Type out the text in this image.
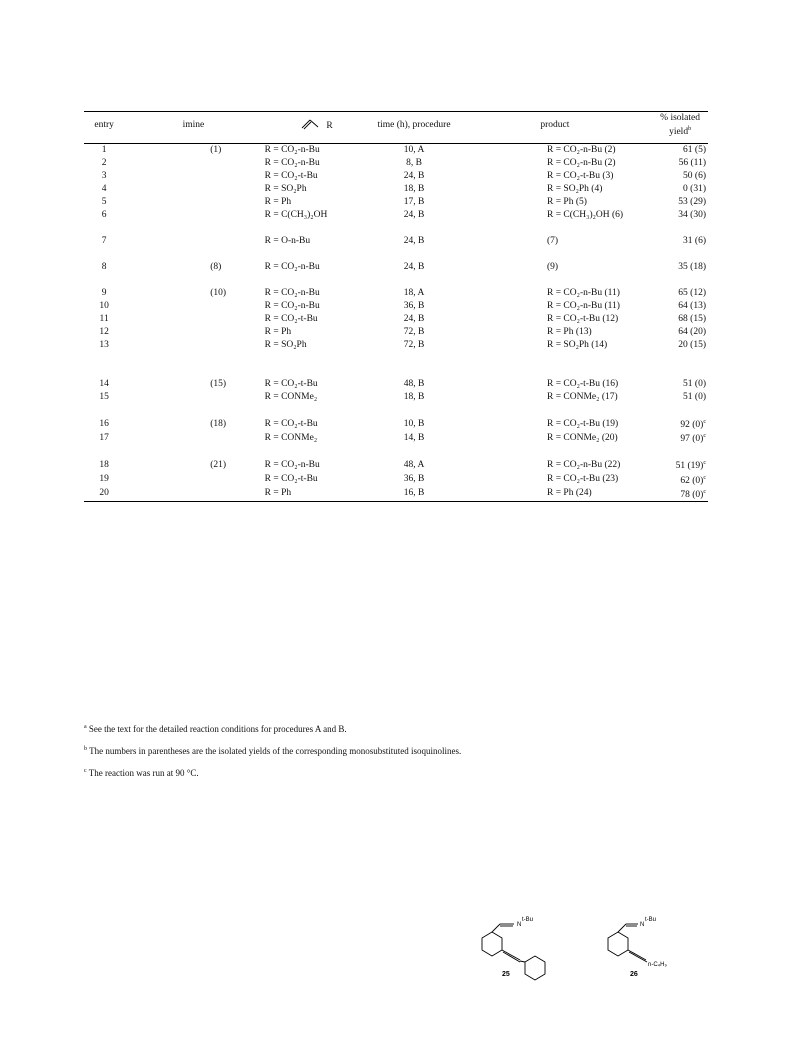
entry	imine	R	time (h), procedure	product		% isolated yield$^b$
1	(1)	R = CO₂-n-Bu	10, A		R = CO₂-n-Bu (2)	61 (5)
2		R = CO₂-n-Bu	8, B		R = CO₂-n-Bu (2)	56 (11)
3		R = CO₂-t-Bu	24, B		R = CO₂-t-Bu (3)	50 (6)
4		R = SO₂Ph	18, B		R = SO₂Ph (4)	0 (31)
5		R = Ph	17, B		R = Ph (5)	53 (29)
6		R = C(CH₃)₂OH	24, B		R = C(CH₃)₂OH (6)	34 (30)

7		R = O-n-Bu	24, B		(7)	31 (6)

8	(8)	R = CO₂-n-Bu	24, B		(9)	35 (18)

9	(10)	R = CO₂-n-Bu	18, A		R = CO₂-n-Bu (11)	65 (12)
10		R = CO₂-n-Bu	36, B		R = CO₂-n-Bu (11)	64 (13)
11		R = CO₂-t-Bu	24, B		R = CO₂-t-Bu (12)	68 (15)
12		R = Ph	72, B		R = Ph (13)	64 (20)
13		R = SO₂Ph	72, B		R = SO₂Ph (14)	20 (15)

14	(15)	R = CO₂-t-Bu	48, B		R = CO₂-t-Bu (16)	51 (0)
15		R = CONMe₂	18, B		R = CONMe₂ (17)	51 (0)

16	(18)	R = CO₂-t-Bu	10, B		R = CO₂-t-Bu (19)	92 $(0)^c$
17		R = CONMe₂	14, B		R = CONMe₂ (20)	97 $(0)^c$

18	(21)	R = CO₂-n-Bu	48, A		R = CO₂-n-Bu (22)	51 $(19)^c$
19		R = CO₂-t-Bu	36, B		R = CO₂-t-Bu (23)	62 $(0)^c$
20		R = Ph	16, B		R = Ph (24)	78 $(0)^c$

$^a$ See the text for the detailed reaction conditions for procedures A and B.

$^b$ The numbers in parentheses are the isolated yields of the corresponding monosubstituted isoquinolines.

$^c$ The reaction was run at 90 °C.

N
t-Bu
25
N
t-Bu
n-C₄H₉
26
